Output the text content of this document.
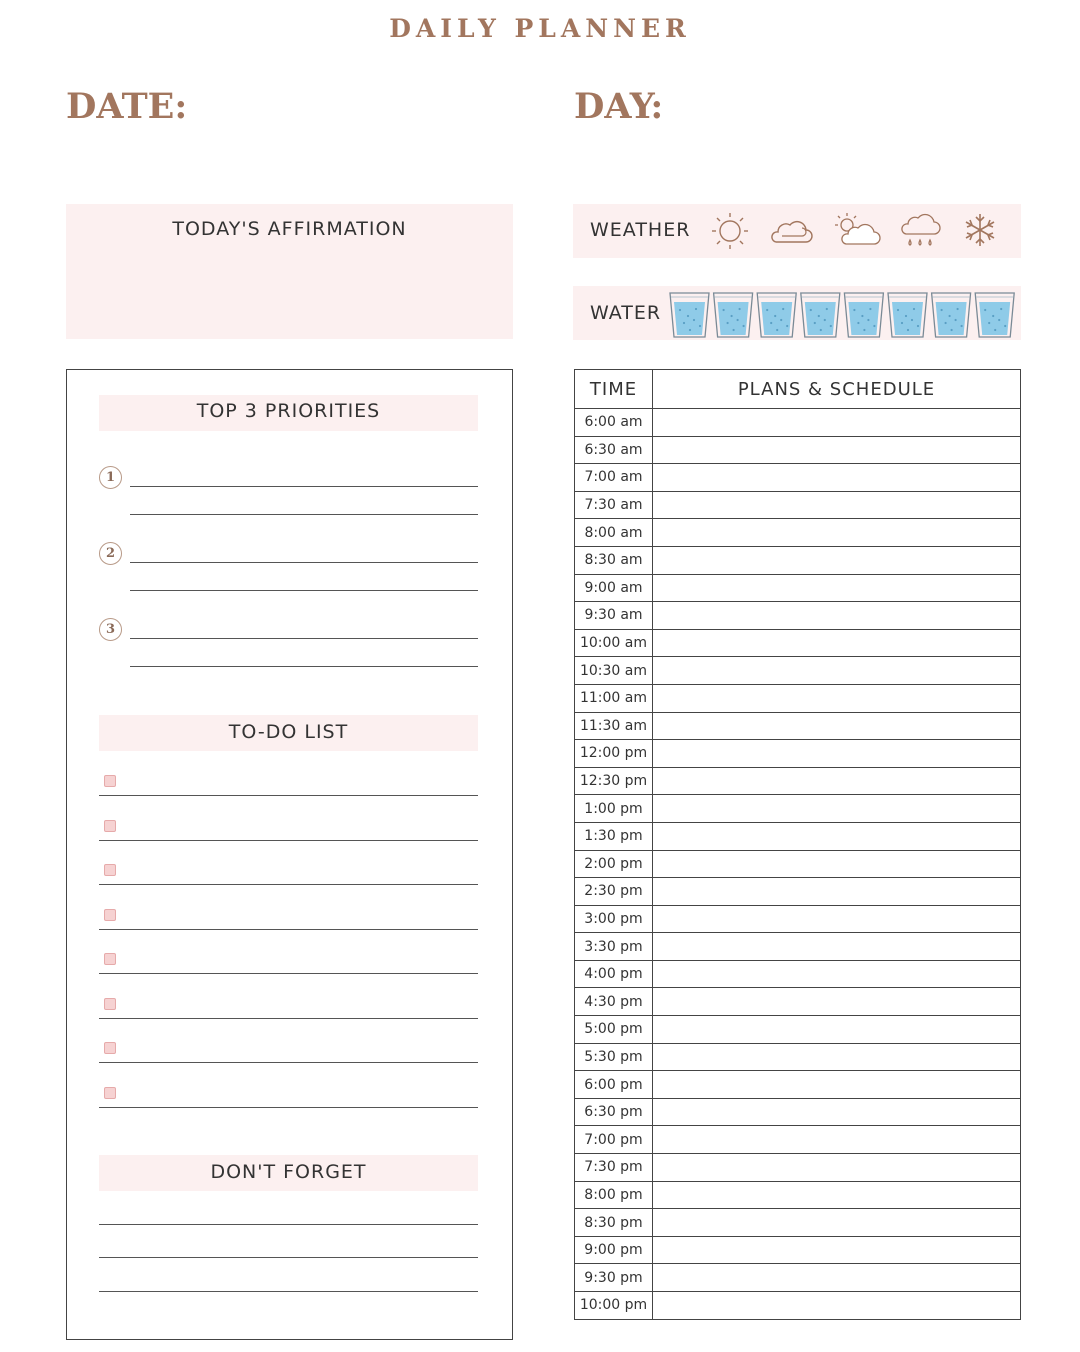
DAILY PLANNER
DATE:	DAY:
TODAY'S AFFIRMATION	WEATHER
WATER
TOP 3 PRIORITIES
1
2
3
TO-DO LIST
DON'T FORGET
TIME	PLANS & SCHEDULE
6:00 am	
6:30 am	
7:00 am	
7:30 am	
8:00 am	
8:30 am	
9:00 am	
9:30 am	
10:00 am	
10:30 am	
11:00 am	
11:30 am	
12:00 pm	
12:30 pm	
1:00 pm	
1:30 pm	
2:00 pm	
2:30 pm	
3:00 pm	
3:30 pm	
4:00 pm	
4:30 pm	
5:00 pm	
5:30 pm	
6:00 pm	
6:30 pm	
7:00 pm	
7:30 pm	
8:00 pm	
8:30 pm	
9:00 pm	
9:30 pm	
10:00 pm	
